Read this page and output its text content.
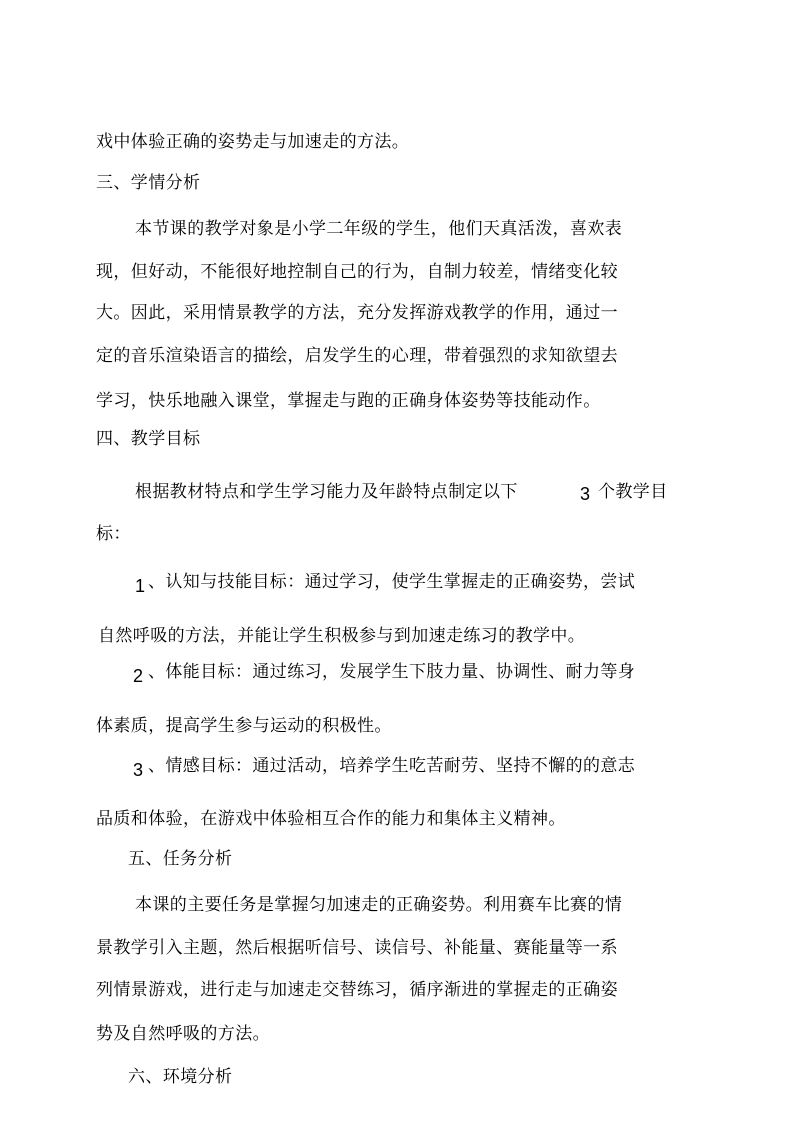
戏中体验正确的姿势走与加速走的方法。
三、学情分析
本节课的教学对象是小学二年级的学生，他们天真活泼，喜欢表
现，但好动，不能很好地控制自己的行为，自制力较差，情绪变化较
大。因此，采用情景教学的方法，充分发挥游戏教学的作用，通过一
定的音乐渲染语言的描绘，启发学生的心理，带着强烈的求知欲望去
学习，快乐地融入课堂，掌握走与跑的正确身体姿势等技能动作。
四、教学目标
根据教材特点和学生学习能力及年龄特点制定以下	3 个教学目
标：
1 、认知与技能目标：通过学习，使学生掌握走的正确姿势，尝试
自然呼吸的方法，并能让学生积极参与到加速走练习的教学中。
2 、体能目标：通过练习，发展学生下肢力量、协调性、耐力等身
体素质，提高学生参与运动的积极性。
3 、情感目标：通过活动，培养学生吃苦耐劳、坚持不懈的的意志
品质和体验，在游戏中体验相互合作的能力和集体主义精神。
五、任务分析
本课的主要任务是掌握匀加速走的正确姿势。利用赛车比赛的情
景教学引入主题，然后根据听信号、读信号、补能量、赛能量等一系
列情景游戏，进行走与加速走交替练习，循序渐进的掌握走的正确姿
势及自然呼吸的方法。
六、环境分析
